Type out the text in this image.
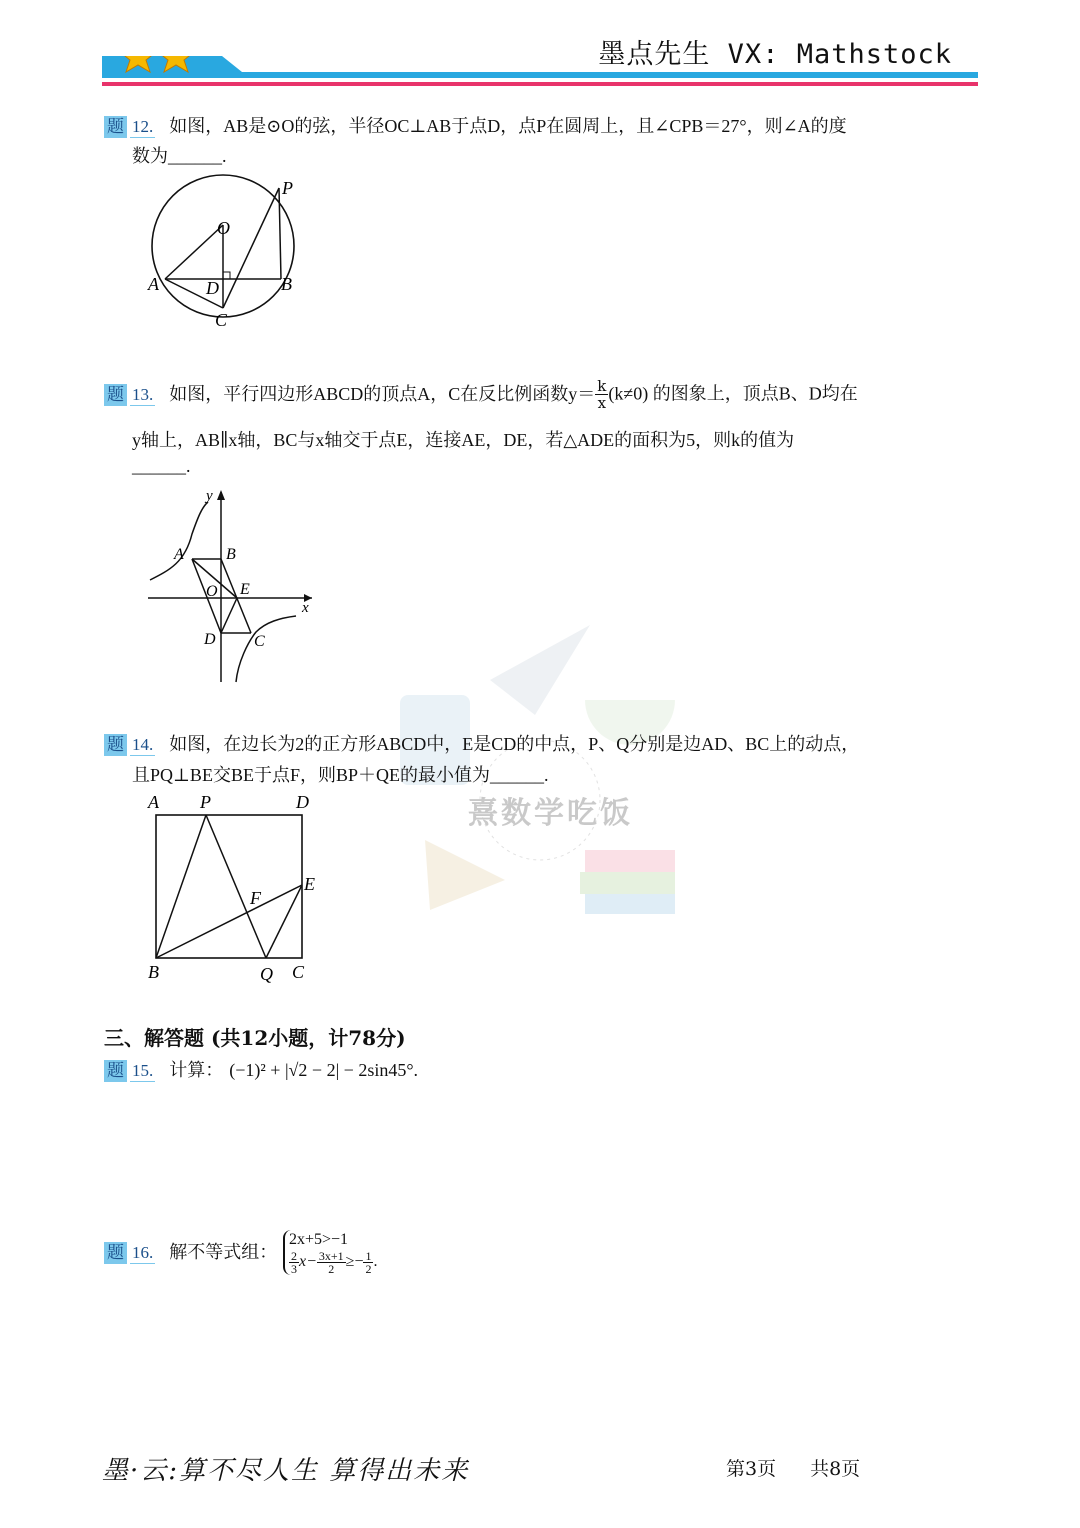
墨点先生 VX: Mathstock
题 12. 如图，AB是⊙O的弦，半径OC⊥AB于点D，点P在圆周上，且∠CPB＝27°，则∠A的度
数为______.
P
O
A	D	B
C
题 13. 如图，平行四边形ABCD的顶点A，C在反比例函数$y= \frac{k}{x} (k\ne 0)$ 的图象上，顶点B、D均在
y轴上，AB∥x轴，BC与x轴交于点E，连接AE，DE，若△ADE的面积为5，则k的值为
______.
y
A	B
O E
x
D C
熹数学吃饭
题 14. 如图，在边长为2的正方形ABCD中，E是CD的中点，P、Q分别是边AD、BC上的动点，
且PQ⊥BE交BE于点F，则BP＋QE的最小值为______.
A P	D
E
F
B	Q C
三、解答题 (共12小题，计78分)
题 15. 计算： (−1)² + |√2 − 2| − 2sin45°.
题 16. 解不等式组：
2x+5>−1
$\frac{2}{3} x- \frac{3x+1}{2} \ge- \frac{1}{2}$ .
墨·云:算不尽人生 算得出未来	第3页 共8页
